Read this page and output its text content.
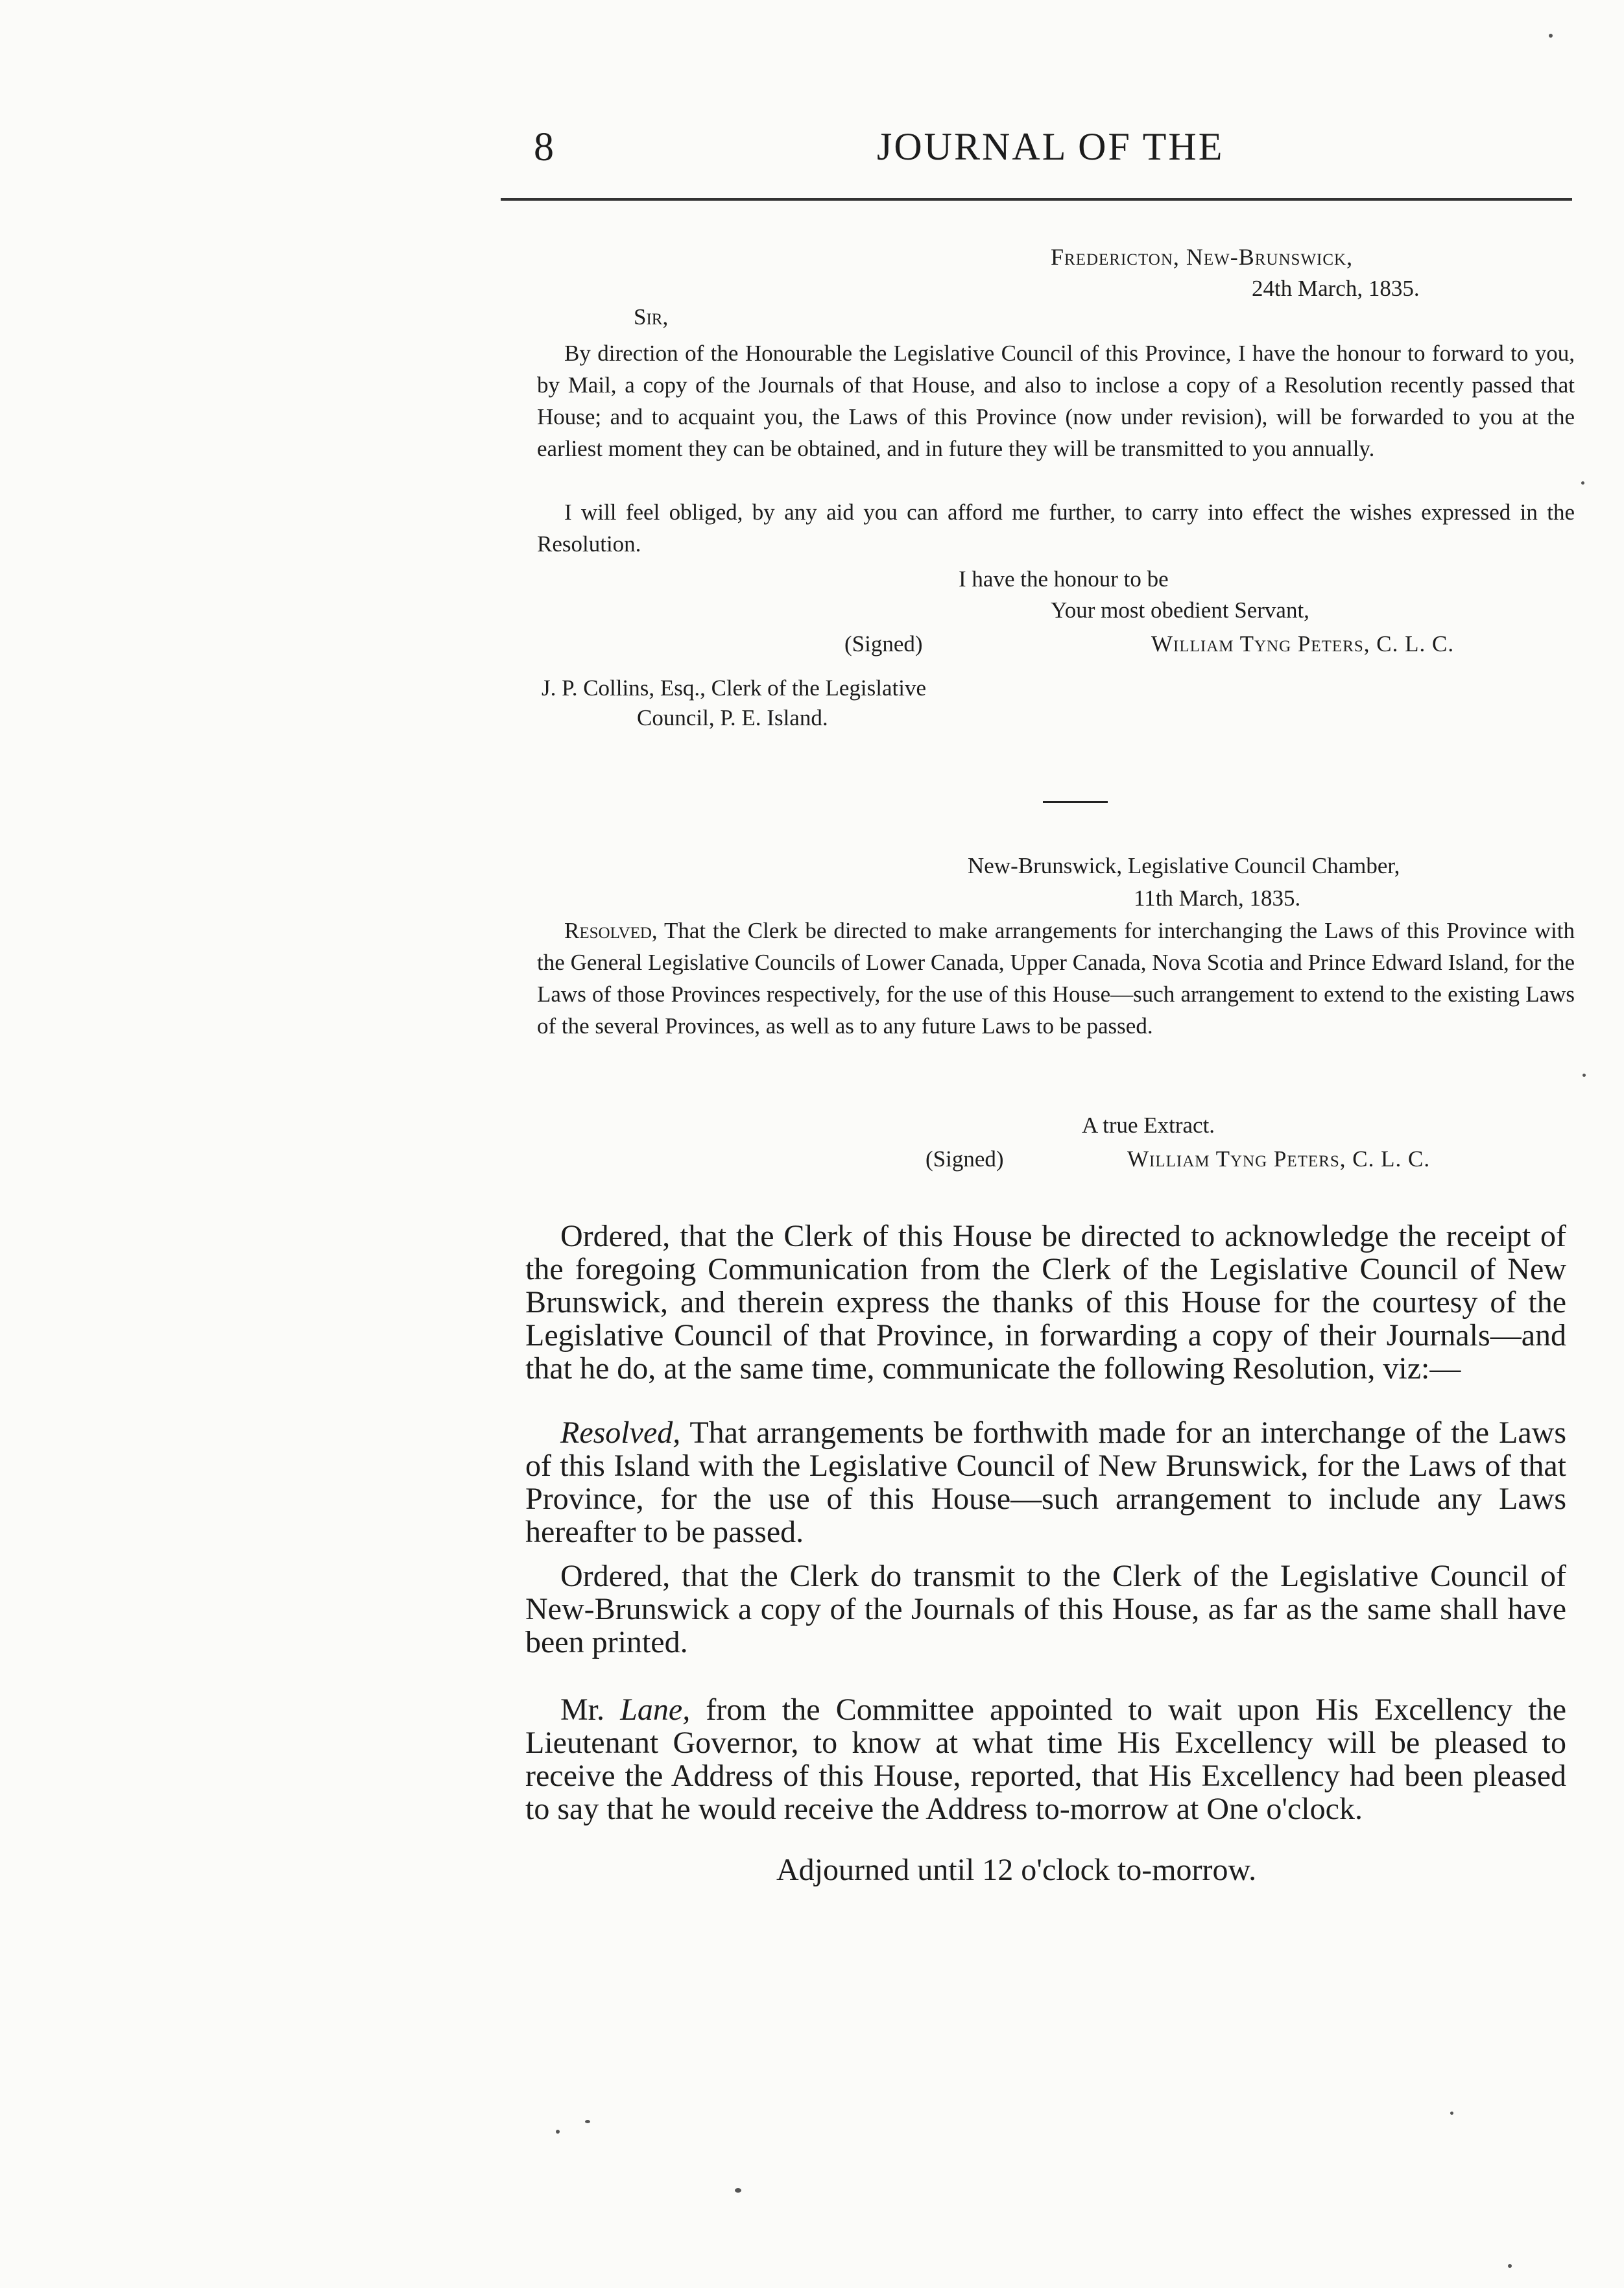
8	JOURNAL OF THE
Fredericton, New-Brunswick,
24th March, 1835.
Sir,
By direction of the Honourable the Legislative Council of this Province, I have the honour to forward to you, by Mail, a copy of the Journals of that House, and also to inclose a copy of a Resolution recently passed that House; and to acquaint you, the Laws of this Province (now under revision), will be forwarded to you at the earliest moment they can be obtained, and in future they will be transmitted to you annually.
I will feel obliged, by any aid you can afford me further, to carry into effect the wishes expressed in the Resolution.
I have the honour to be
Your most obedient Servant,
(Signed)	William Tyng Peters, C. L. C.
J. P. Collins, Esq., Clerk of the Legislative
Council, P. E. Island.
New-Brunswick, Legislative Council Chamber,
11th March, 1835.
Resolved, That the Clerk be directed to make arrangements for interchanging the Laws of this Province with the General Legislative Councils of Lower Canada, Upper Canada, Nova Scotia and Prince Edward Island, for the Laws of those Provinces respectively, for the use of this House—such arrangement to extend to the existing Laws of the several Provinces, as well as to any future Laws to be passed.
A true Extract.
(Signed)	William Tyng Peters, C. L. C.
Ordered, that the Clerk of this House be directed to acknowledge the receipt of the foregoing Communication from the Clerk of the Legislative Council of New Brunswick, and therein express the thanks of this House for the courtesy of the Legislative Council of that Province, in forwarding a copy of their Journals—and that he do, at the same time, communicate the following Resolution, viz:—
Resolved, That arrangements be forthwith made for an interchange of the Laws of this Island with the Legislative Council of New Brunswick, for the Laws of that Province, for the use of this House—such arrangement to include any Laws hereafter to be passed.
Ordered, that the Clerk do transmit to the Clerk of the Legislative Council of New-Brunswick a copy of the Journals of this House, as far as the same shall have been printed.
Mr. Lane, from the Committee appointed to wait upon His Excellency the Lieutenant Governor, to know at what time His Excellency will be pleased to receive the Address of this House, reported, that His Excellency had been pleased to say that he would receive the Address to-morrow at One o'clock.
Adjourned until 12 o'clock to-morrow.
